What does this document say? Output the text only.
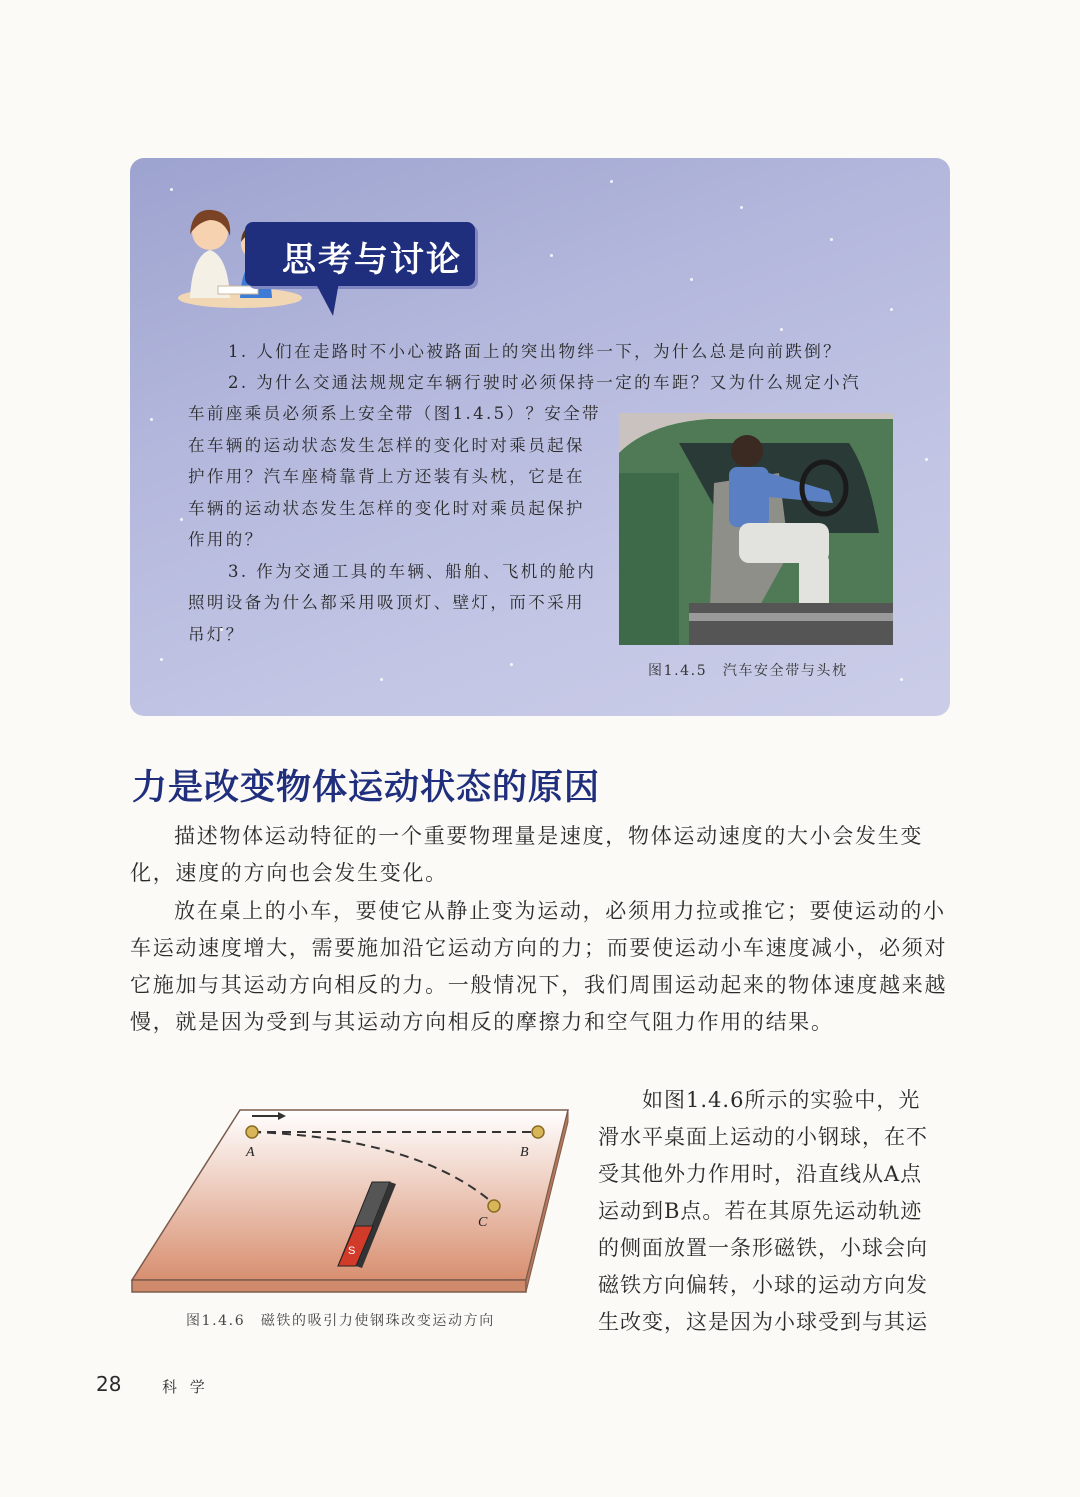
思考与讨论
1. 人们在走路时不小心被路面上的突出物绊一下，为什么总是向前跌倒？
2. 为什么交通法规规定车辆行驶时必须保持一定的车距？又为什么规定小汽
车前座乘员必须系上安全带（图1.4.5）？安全带
在车辆的运动状态发生怎样的变化时对乘员起保
护作用？汽车座椅靠背上方还装有头枕，它是在
车辆的运动状态发生怎样的变化时对乘员起保护
作用的？
3. 作为交通工具的车辆、船舶、飞机的舱内
照明设备为什么都采用吸顶灯、壁灯，而不采用
吊灯？
图1.4.5　汽车安全带与头枕
力是改变物体运动状态的原因
描述物体运动特征的一个重要物理量是速度，物体运动速度的大小会发生变化，速度的方向也会发生变化。
放在桌上的小车，要使它从静止变为运动，必须用力拉或推它；要使运动的小车运动速度增大，需要施加沿它运动方向的力；而要使运动小车速度减小，必须对它施加与其运动方向相反的力。一般情况下，我们周围运动起来的物体速度越来越慢，就是因为受到与其运动方向相反的摩擦力和空气阻力作用的结果。
A	B
C
S
图1.4.6　磁铁的吸引力使钢珠改变运动方向
　　如图1.4.6所示的实验中，光
滑水平桌面上运动的小钢球，在不
受其他外力作用时，沿直线从A点
运动到B点。若在其原先运动轨迹
的侧面放置一条形磁铁，小球会向
磁铁方向偏转，小球的运动方向发
生改变，这是因为小球受到与其运
28	科 学
